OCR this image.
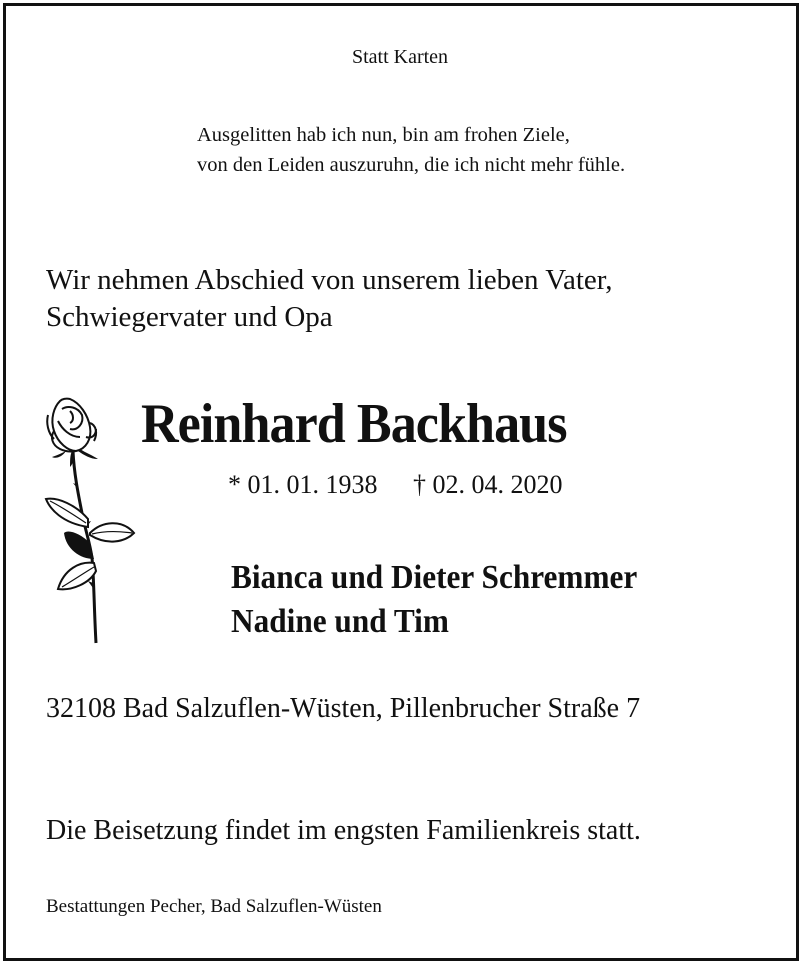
Statt Karten

Ausgelitten hab ich nun, bin am frohen Ziele,

von den Leiden auszuruhn, die ich nicht mehr fühle.

Wir nehmen Abschied von unserem lieben Vater,

Schwiegervater und Opa

Reinhard Backhaus

* 01. 01. 1938 † 02. 04. 2020

Bianca und Dieter Schremmer

Nadine und Tim

32108 Bad Salzuflen-Wüsten, Pillenbrucher Straße 7

Die Beisetzung findet im engsten Familienkreis statt.

Bestattungen Pecher, Bad Salzuflen-Wüsten
